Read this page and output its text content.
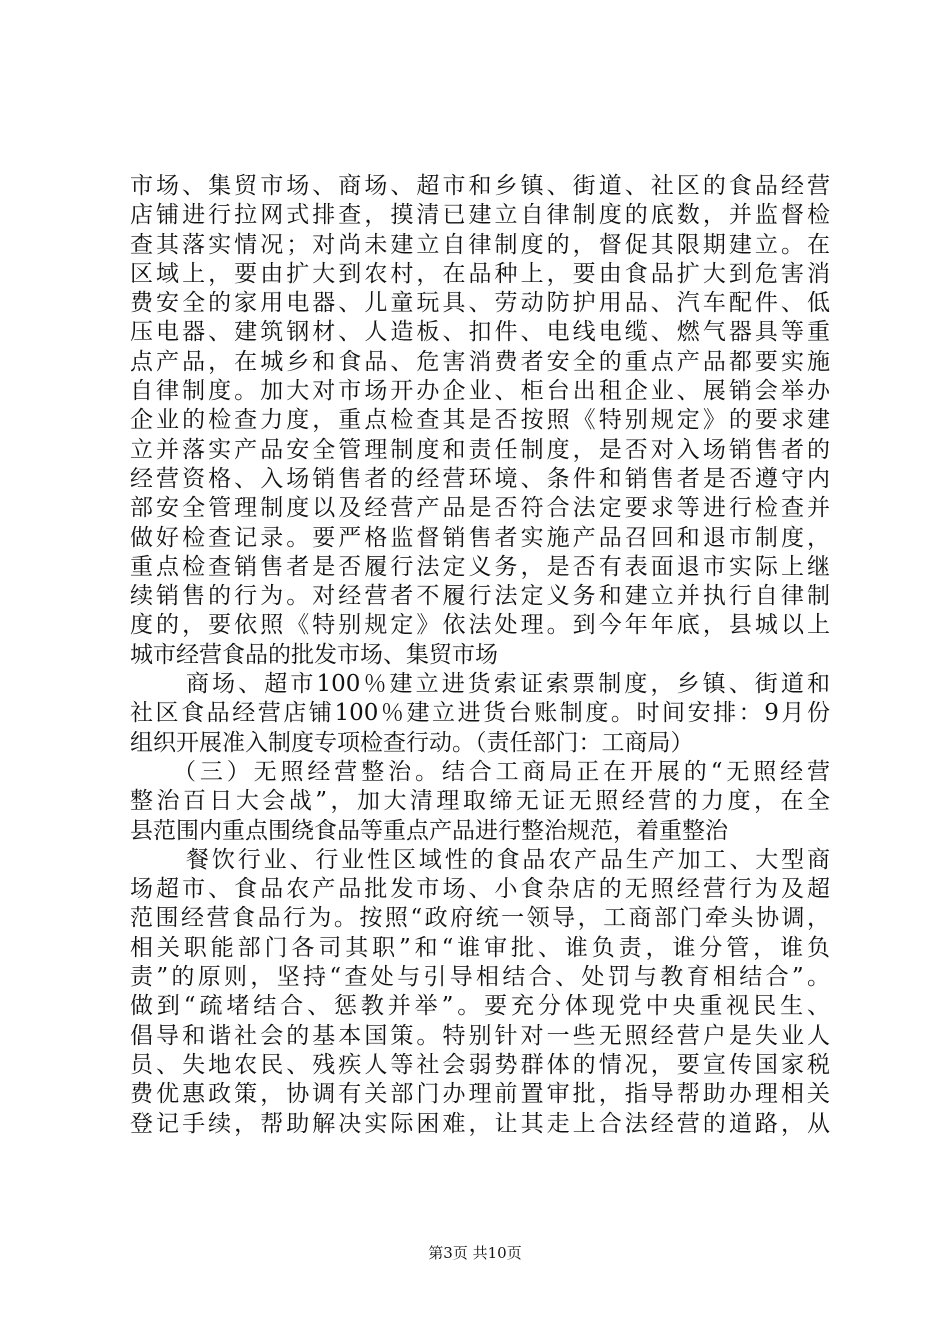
市场、集贸市场、商场、超市和乡镇、街道、社区的食品经营
店铺进行拉网式排查，摸清已建立自律制度的底数，并监督检
查其落实情况；对尚未建立自律制度的，督促其限期建立。在
区域上，要由扩大到农村，在品种上，要由食品扩大到危害消
费安全的家用电器、儿童玩具、劳动防护用品、汽车配件、低
压电器、建筑钢材、人造板、扣件、电线电缆、燃气器具等重
点产品，在城乡和食品、危害消费者安全的重点产品都要实施
自律制度。加大对市场开办企业、柜台出租企业、展销会举办
企业的检查力度，重点检查其是否按照《特别规定》的要求建
立并落实产品安全管理制度和责任制度，是否对入场销售者的
经营资格、入场销售者的经营环境、条件和销售者是否遵守内
部安全管理制度以及经营产品是否符合法定要求等进行检查并
做好检查记录。要严格监督销售者实施产品召回和退市制度，
重点检查销售者是否履行法定义务，是否有表面退市实际上继
续销售的行为。对经营者不履行法定义务和建立并执行自律制
度的，要依照《特别规定》依法处理。到今年年底，县城以上
城市经营食品的批发市场、集贸市场
商场、超市100％建立进货索证索票制度，乡镇、街道和
社区食品经营店铺100％建立进货台账制度。时间安排：9月份
组织开展准入制度专项检查行动。（责任部门：工商局）
（三）无照经营整治。结合工商局正在开展的“无照经营
整治百日大会战”，加大清理取缔无证无照经营的力度，在全
县范围内重点围绕食品等重点产品进行整治规范，着重整治
餐饮行业、行业性区域性的食品农产品生产加工、大型商
场超市、食品农产品批发市场、小食杂店的无照经营行为及超
范围经营食品行为。按照“政府统一领导，工商部门牵头协调，
相关职能部门各司其职”和“谁审批、谁负责，谁分管，谁负
责”的原则，坚持“查处与引导相结合、处罚与教育相结合”。
做到“疏堵结合、惩教并举”。要充分体现党中央重视民生、
倡导和谐社会的基本国策。特别针对一些无照经营户是失业人
员、失地农民、残疾人等社会弱势群体的情况，要宣传国家税
费优惠政策，协调有关部门办理前置审批，指导帮助办理相关
登记手续，帮助解决实际困难，让其走上合法经营的道路，从
第3页 共10页
